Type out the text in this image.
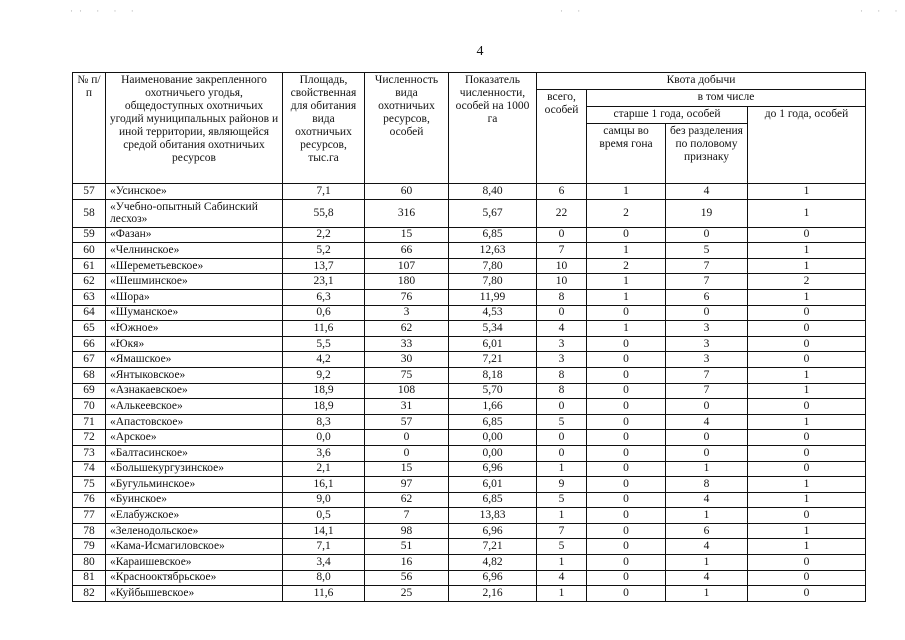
·· · · ·	· ·	· · ·
4
№ п/п	Наименование закрепленного охотничьего угодья, общедоступных охотничьих угодий муниципальных районов и иной территории, являющейся средой обитания охотничьих ресурсов	Площадь, свойственная для обитания вида охотничьих ресурсов, тыс.га	Численность вида охотничьих ресурсов, особей	Показатель численности, особей на 1000 га	Квота добычи			
					всего, особей	в том числе		
						старше 1 года, особей		до 1 года, особей
						самцы во время гона	без разделения по половому признаку	
57	«Усинское»	7,1	60	8,40	6	1	4	1
58	«Учебно-опытный Сабинский лесхоз»	55,8	316	5,67	22	2	19	1
59	«Фазан»	2,2	15	6,85	0	0	0	0
60	«Челнинское»	5,2	66	12,63	7	1	5	1
61	«Шереметьевское»	13,7	107	7,80	10	2	7	1
62	«Шешминское»	23,1	180	7,80	10	1	7	2
63	«Шора»	6,3	76	11,99	8	1	6	1
64	«Шуманское»	0,6	3	4,53	0	0	0	0
65	«Южное»	11,6	62	5,34	4	1	3	0
66	«Юкя»	5,5	33	6,01	3	0	3	0
67	«Ямашское»	4,2	30	7,21	3	0	3	0
68	«Янтыковское»	9,2	75	8,18	8	0	7	1
69	«Азнакаевское»	18,9	108	5,70	8	0	7	1
70	«Алькеевское»	18,9	31	1,66	0	0	0	0
71	«Апастовское»	8,3	57	6,85	5	0	4	1
72	«Арское»	0,0	0	0,00	0	0	0	0
73	«Балтасинское»	3,6	0	0,00	0	0	0	0
74	«Большекургузинское»	2,1	15	6,96	1	0	1	0
75	«Бугульминское»	16,1	97	6,01	9	0	8	1
76	«Буинское»	9,0	62	6,85	5	0	4	1
77	«Елабужское»	0,5	7	13,83	1	0	1	0
78	«Зеленодольское»	14,1	98	6,96	7	0	6	1
79	«Кама-Исмагиловское»	7,1	51	7,21	5	0	4	1
80	«Караишевское»	3,4	16	4,82	1	0	1	0
81	«Краснооктябрьское»	8,0	56	6,96	4	0	4	0
82	«Куйбышевское»	11,6	25	2,16	1	0	1	0
